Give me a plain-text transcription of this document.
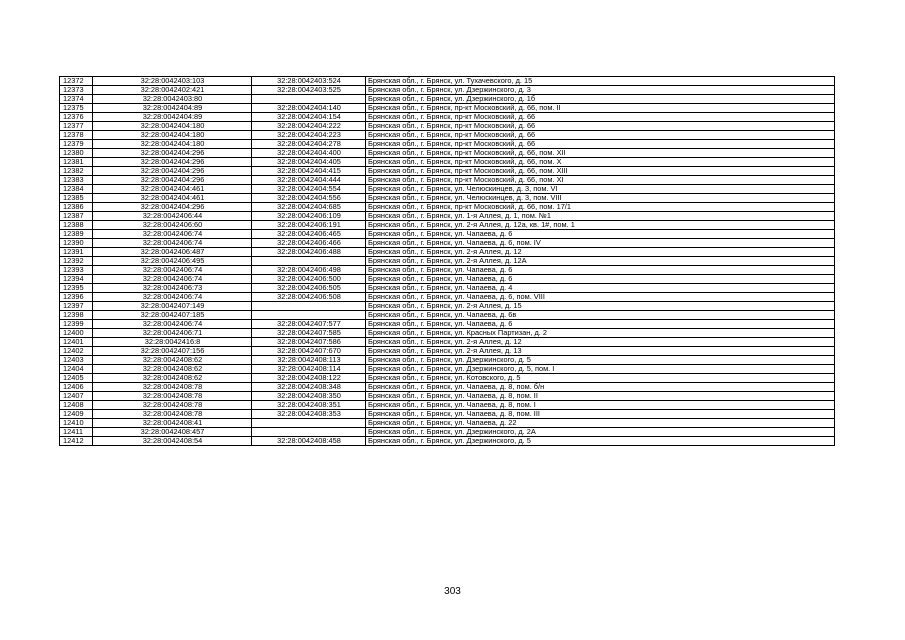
12372	32:28:0042403:103	32:28:0042403:524	Брянская обл., г. Брянск, ул. Тухачевского, д. 15
12373	32:28:0042402:421	32:28:0042403:525	Брянская обл., г. Брянск, ул. Дзержинского, д. 3
12374	32:28:0042403:80		Брянская обл., г. Брянск, ул. Дзержинского, д. 1б
12375	32:28:0042404:89	32:28:0042404:140	Брянская обл., г. Брянск, пр-кт Московский, д. 66, пом. II
12376	32:28:0042404:89	32:28:0042404:154	Брянская обл., г. Брянск, пр-кт Московский, д. 66
12377	32:28:0042404:180	32:28:0042404:222	Брянская обл., г. Брянск, пр-кт Московский, д. 66
12378	32:28:0042404:180	32:28:0042404:223	Брянская обл., г. Брянск, пр-кт Московский, д. 66
12379	32:28:0042404:180	32:28:0042404:278	Брянская обл., г. Брянск, пр-кт Московский, д. 66
12380	32:28:0042404:296	32:28:0042404:400	Брянская обл., г. Брянск, пр-кт Московский, д. 66, пом. XII
12381	32:28:0042404:296	32:28:0042404:405	Брянская обл., г. Брянск, пр-кт Московский, д. 66, пом. X
12382	32:28:0042404:296	32:28:0042404:415	Брянская обл., г. Брянск, пр-кт Московский, д. 66, пом. XIII
12383	32:28:0042404:296	32:28:0042404:444	Брянская обл., г. Брянск, пр-кт Московский, д. 66, пом. XI
12384	32:28:0042404:461	32:28:0042404:554	Брянская обл., г. Брянск, ул. Челюскинцев, д. 3, пом. VI
12385	32:28:0042404:461	32:28:0042404:556	Брянская обл., г. Брянск, ул. Челюскинцев, д. 3, пом. VIII
12386	32:28:0042404:296	32:28:0042404:685	Брянская обл., г. Брянск, пр-кт Московский, д. 66, пом. 17/1
12387	32:28:0042406:44	32:28:0042406:109	Брянская обл., г. Брянск, ул. 1-я Аллея, д. 1, пом. №1
12388	32:28:0042406:60	32:28:0042406:191	Брянская обл., г. Брянск, ул. 2-я Аллея, д. 12а, кв. 1#, пом. 1
12389	32:28:0042406:74	32:28:0042406:465	Брянская обл., г. Брянск, ул. Чапаева, д. 6
12390	32:28:0042406:74	32:28:0042406:466	Брянская обл., г. Брянск, ул. Чапаева, д. 6, пом. IV
12391	32:28:0042406:487	32:28:0042406:488	Брянская обл., г. Брянск, ул. 2-я Аллея, д. 12
12392	32:28:0042406:495		Брянская обл., г. Брянск, ул. 2-я Аллея, д. 12А
12393	32:28:0042406:74	32:28:0042406:498	Брянская обл., г. Брянск, ул. Чапаева, д. 6
12394	32:28:0042406:74	32:28:0042406:500	Брянская обл., г. Брянск, ул. Чапаева, д. 6
12395	32:28:0042406:73	32:28:0042406:505	Брянская обл., г. Брянск, ул. Чапаева, д. 4
12396	32:28:0042406:74	32:28:0042406:508	Брянская обл., г. Брянск, ул. Чапаева, д. 6, пом. VIII
12397	32:28:0042407:149		Брянская обл., г. Брянск, ул. 2-я Аллея, д. 15
12398	32:28:0042407:185		Брянская обл., г. Брянск, ул. Чапаева, д. 6в
12399	32:28:0042406:74	32:28:0042407:577	Брянская обл., г. Брянск, ул. Чапаева, д. 6
12400	32:28:0042406:71	32:28:0042407:585	Брянская обл., г. Брянск, ул. Красных Партизан, д. 2
12401	32:28:0042416:8	32:28:0042407:586	Брянская обл., г. Брянск, ул. 2-я Аллея, д. 12
12402	32:28:0042407:156	32:28:0042407:670	Брянская обл., г. Брянск, ул. 2-я Аллея, д. 13
12403	32:28:0042408:62	32:28:0042408:113	Брянская обл., г. Брянск, ул. Дзержинского, д. 5
12404	32:28:0042408:62	32:28:0042408:114	Брянская обл., г. Брянск, ул. Дзержинского, д. 5, пом. I
12405	32:28:0042408:62	32:28:0042408:122	Брянская обл., г. Брянск, ул. Котовского, д. 5
12406	32:28:0042408:78	32:28:0042408:348	Брянская обл., г. Брянск, ул. Чапаева, д. 8, пом. б/н
12407	32:28:0042408:78	32:28:0042408:350	Брянская обл., г. Брянск, ул. Чапаева, д. 8, пом. II
12408	32:28:0042408:78	32:28:0042408:351	Брянская обл., г. Брянск, ул. Чапаева, д. 8, пом. I
12409	32:28:0042408:78	32:28:0042408:353	Брянская обл., г. Брянск, ул. Чапаева, д. 8, пом. III
12410	32:28:0042408:41		Брянская обл., г. Брянск, ул. Чапаева, д. 22
12411	32:28:0042408:457		Брянская обл., г. Брянск, ул. Дзержинского, д. 2А
12412	32:28:0042408:54	32:28:0042408:458	Брянская обл., г. Брянск, ул. Дзержинского, д. 5
303
